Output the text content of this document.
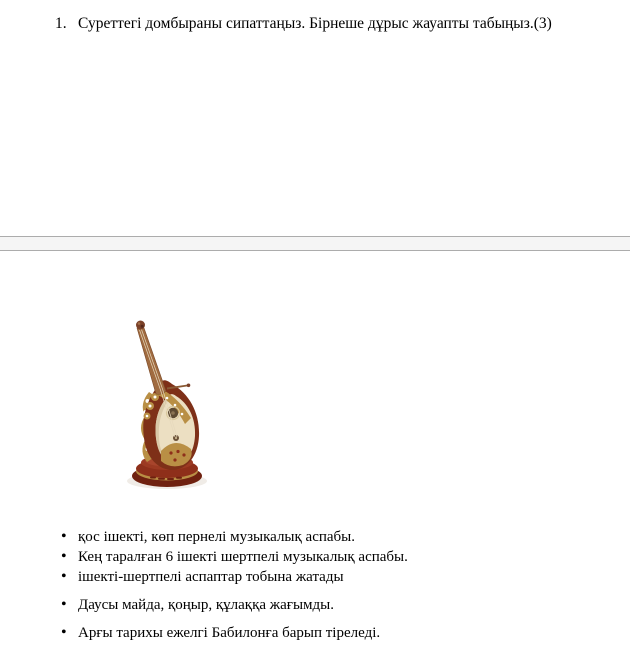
1. Суреттегі домбыраны сипаттаңыз. Бірнеше дұрыс жауапты табыңыз.(3)
• қос ішекті, көп пернелі музыкалық аспабы.
• Кең таралған 6 ішекті шертпелі музыкалық аспабы.
• ішекті-шертпелі аспаптар тобына жатады
• Даусы майда, қоңыр, құлаққа жағымды.
• Арғы тарихы ежелгі Бабилонға барып тіреледі.
